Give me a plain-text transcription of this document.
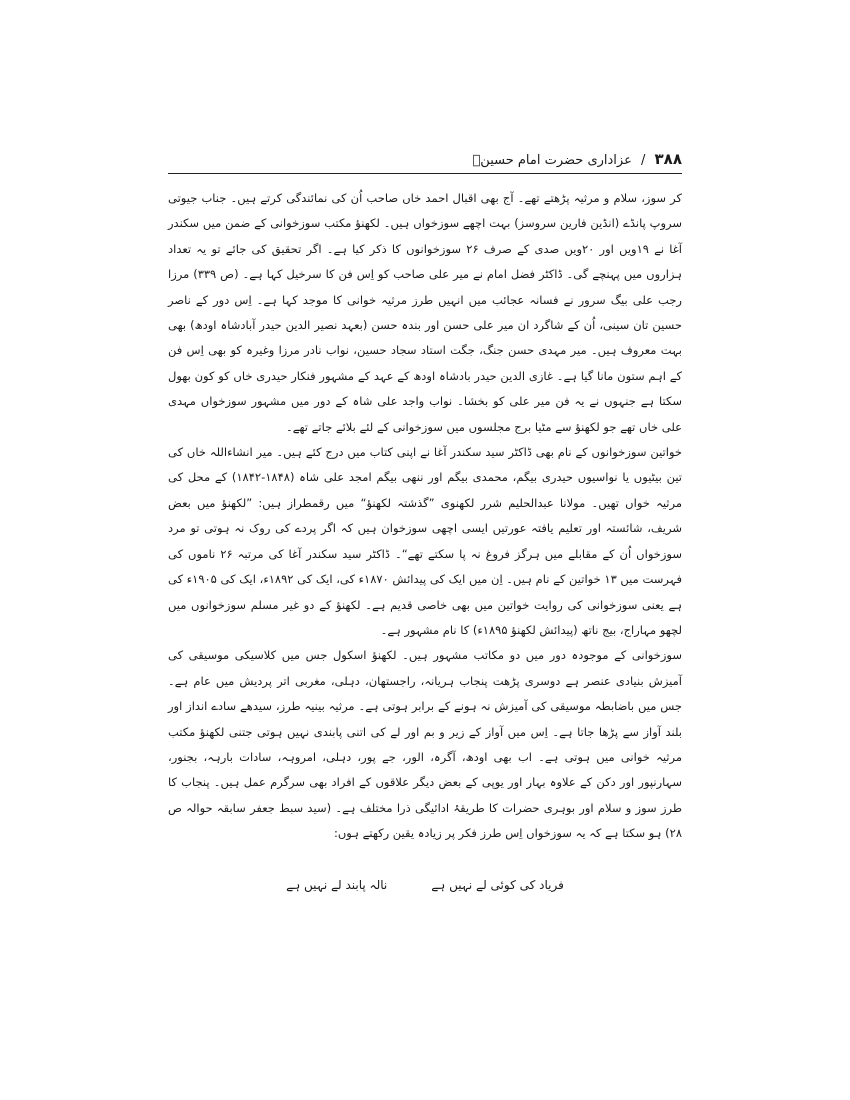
۳۸۸ / عزاداری حضرت امام حسینؑ

کر سوز، سلام و مرثیہ پڑھتے تھے۔ آج بھی اقبال احمد خاں صاحب اُن کی نمائندگی کرتے ہیں۔ جناب جیوتی سروپ پانڈے (انڈین فارین سروسز) بہت اچھے سوزخواں ہیں۔ لکھنؤ مکتب سوزخوانی کے ضمن میں سکندر آغا نے ۱۹ویں اور ۲۰ویں صدی کے صرف ۲۶ سوزخوانوں کا ذکر کیا ہے۔ اگر تحقیق کی جائے تو یہ تعداد ہزاروں میں پہنچے گی۔ ڈاکٹر فضل امام نے میر علی صاحب کو اِس فن کا سرخیل کہا ہے۔ (ص ۳۳۹) مرزا رجب علی بیگ سرور نے فسانہ عجائب میں انہیں طرز مرثیہ خوانی کا موجد کہا ہے۔ اِس دور کے ناصر حسین تان سینی، اُن کے شاگرد ان میر علی حسن اور بندہ حسن (بعہد نصیر الدین حیدر آبادشاہ اودھ) بھی بہت معروف ہیں۔ میر مہدی حسن جنگ، جگت استاد سجاد حسین، نواب نادر مرزا وغیرہ کو بھی اِس فن کے اہم ستون مانا گیا ہے۔ غازی الدین حیدر بادشاہ اودھ کے عہد کے مشہور فنکار حیدری خاں کو کون بھول سکتا ہے جنہوں نے یہ فن میر علی کو بخشا۔ نواب واجد علی شاہ کے دور میں مشہور سوزخواں مہدی علی خاں تھے جو لکھنؤ سے مٹیا برج مجلسوں میں سوزخوانی کے لئے بلائے جاتے تھے۔

خواتین سوزخوانوں کے نام بھی ڈاکٹر سید سکندر آغا نے اپنی کتاب میں درج کئے ہیں۔ میر انشاءاللہ خاں کی تین بیٹیوں یا نواسیوں حیدری بیگم، محمدی بیگم اور ننھی بیگم امجد علی شاہ (۱۸۴۸-۱۸۴۲) کے محل کی مرثیہ خواں تھیں۔ مولانا عبدالحلیم شرر لکھنوی ”گذشتہ لکھنؤ“ میں رقمطراز ہیں: ”لکھنؤ میں بعض شریف، شائستہ اور تعلیم یافتہ عورتیں ایسی اچھی سوزخوان ہیں کہ اگر پردے کی روک نہ ہوتی تو مرد سوزخواں اُن کے مقابلے میں ہرگز فروغ نہ پا سکتے تھے“۔ ڈاکٹر سید سکندر آغا کی مرتبہ ۲۶ ناموں کی فہرست میں ۱۳ خواتین کے نام ہیں۔ اِن میں ایک کی پیدائش ۱۸۷۰ء کی، ایک کی ۱۸۹۲ء، ایک کی ۱۹۰۵ء کی ہے یعنی سوزخوانی کی روایت خواتین میں بھی خاصی قدیم ہے۔ لکھنؤ کے دو غیر مسلم سوزخوانوں میں لچھو مہاراج، بیج ناتھ (پیدائش لکھنؤ ۱۸۹۵ء) کا نام مشہور ہے۔

سوزخوانی کے موجودہ دور میں دو مکاتب مشہور ہیں۔ لکھنؤ اسکول جس میں کلاسیکی موسیقی کی آمیزش بنیادی عنصر ہے دوسری پڑھت پنجاب ہریانہ، راجستھان، دہلی، مغربی اتر پردیش میں عام ہے۔ جس میں باضابطہ موسیقی کی آمیزش نہ ہونے کے برابر ہوتی ہے۔ مرثیہ بینیہ طرز، سیدھے سادے انداز اور بلند آواز سے پڑھا جاتا ہے۔ اِس میں آواز کے زیر و بم اور لے کی اتنی پابندی نہیں ہوتی جتنی لکھنؤ مکتب مرثیہ خوانی میں ہوتی ہے۔ اب بھی اودھ، آگرہ، الور، جے پور، دہلی، امروہہ، سادات بارہہ، بجنور، سہارنپور اور دکن کے علاوہ بہار اور یوپی کے بعض دیگر علاقوں کے افراد بھی سرگرم عمل ہیں۔ پنجاب کا طرز سوز و سلام اور بوہری حضرات کا طریقۂ ادائیگی ذرا مختلف ہے۔ (سید سبط جعفر سابقہ حوالہ ص ۲۸) ہو سکتا ہے کہ یہ سوزخواں اِس طرز فکر پر زیادہ یقین رکھتے ہوں:

فریاد کی کوئی لے نہیں ہے
نالہ پابند لے نہیں ہے
